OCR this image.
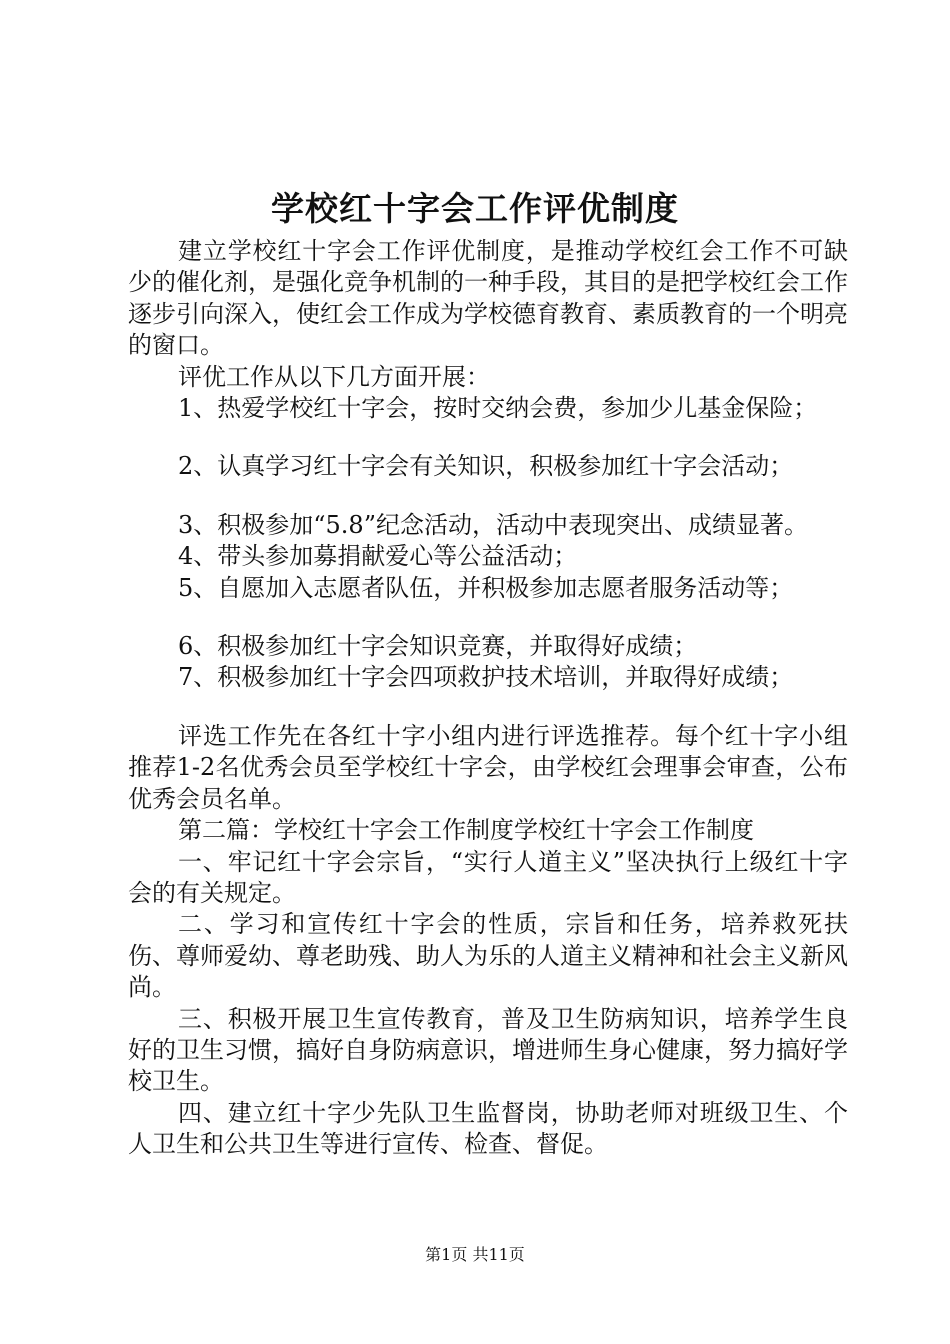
学校红十字会工作评优制度

建立学校红十字会工作评优制度，是推动学校红会工作不可缺少的催化剂，是强化竞争机制的一种手段，其目的是把学校红会工作逐步引向深入，使红会工作成为学校德育教育、素质教育的一个明亮的窗口。

评优工作从以下几方面开展：

1、热爱学校红十字会，按时交纳会费，参加少儿基金保险；

2、认真学习红十字会有关知识，积极参加红十字会活动；

3、积极参加“5.8”纪念活动，活动中表现突出、成绩显著。

4、带头参加募捐献爱心等公益活动；

5、自愿加入志愿者队伍，并积极参加志愿者服务活动等；

6、积极参加红十字会知识竞赛，并取得好成绩；

7、积极参加红十字会四项救护技术培训，并取得好成绩；

评选工作先在各红十字小组内进行评选推荐。每个红十字小组推荐1-2名优秀会员至学校红十字会，由学校红会理事会审查，公布优秀会员名单。

第二篇：学校红十字会工作制度学校红十字会工作制度

一、牢记红十字会宗旨，“实行人道主义”坚决执行上级红十字会的有关规定。

二、学习和宣传红十字会的性质，宗旨和任务，培养救死扶伤、尊师爱幼、尊老助残、助人为乐的人道主义精神和社会主义新风尚。

三、积极开展卫生宣传教育，普及卫生防病知识，培养学生良好的卫生习惯，搞好自身防病意识，增进师生身心健康，努力搞好学校卫生。

四、建立红十字少先队卫生监督岗，协助老师对班级卫生、个人卫生和公共卫生等进行宣传、检查、督促。

第1页 共11页
